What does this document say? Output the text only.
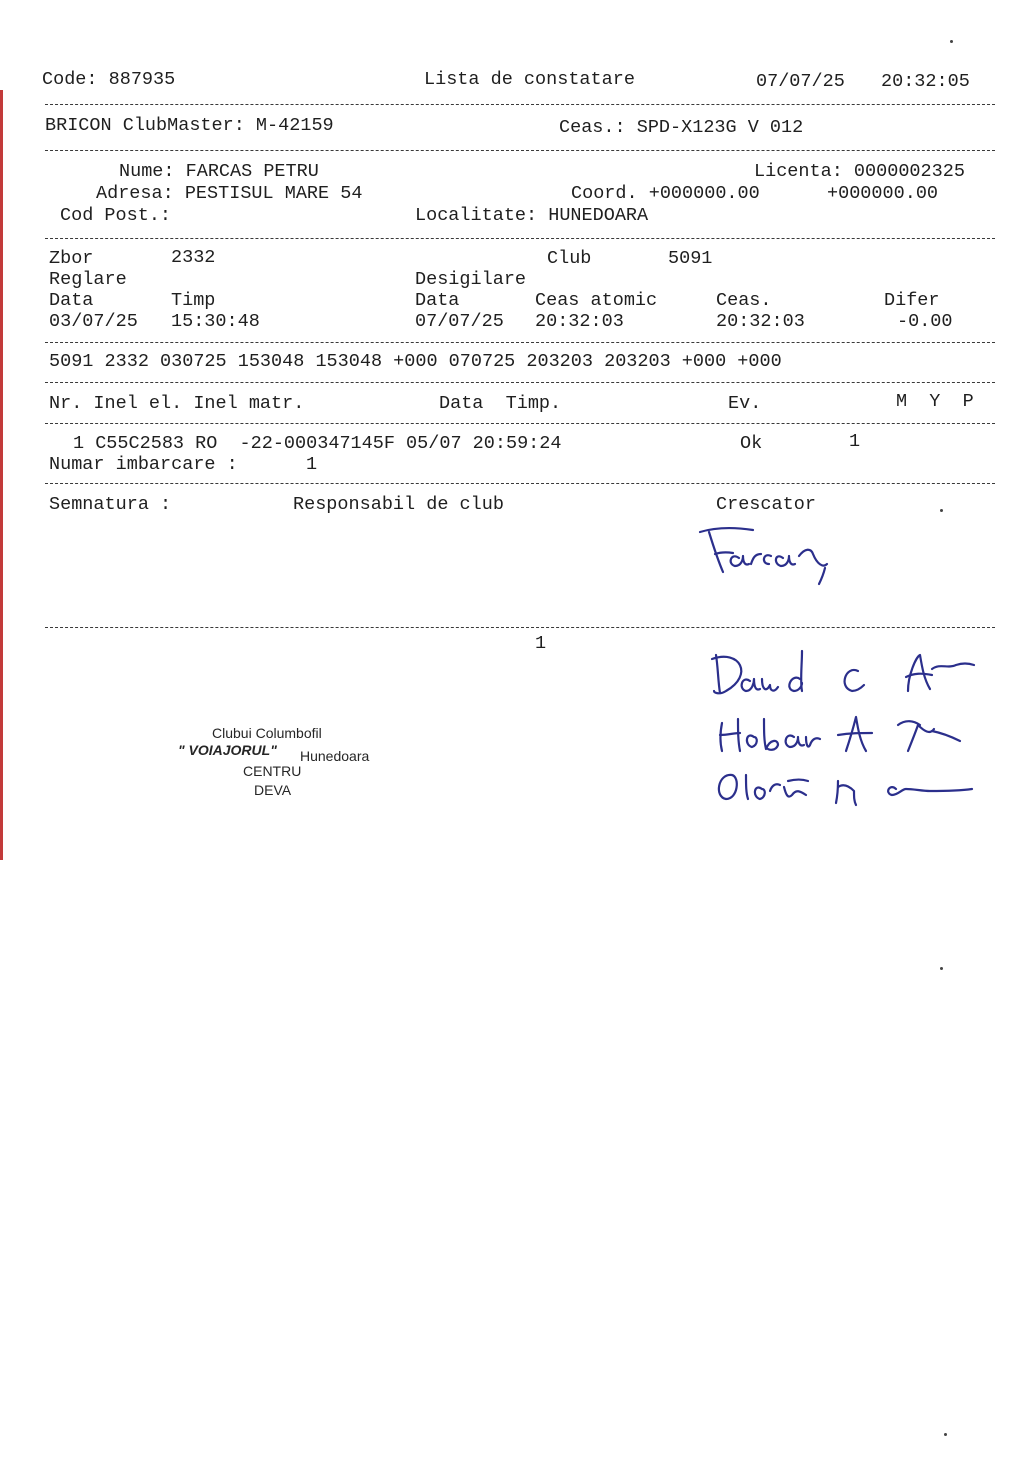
Code: 887935	Lista de constatare	07/07/25 20:32:05
BRICON ClubMaster: M-42159	Ceas.: SPD-X123G V 012
Nume: FARCAS PETRU	Licenta: 0000002325
Adresa: PESTISUL MARE 54	Coord. +000000.00	+000000.00
Cod Post.:	Localitate: HUNEDOARA
Zbor	2332	Club	5091
Reglare	Desigilare
Data	Timp	Data	Ceas atomic	Ceas.	Difer
03/07/25 15:30:48	07/07/25 20:32:03	20:32:03	-0.00
5091 2332 030725 153048 153048 +000 070725 203203 203203 +000 +000
Nr. Inel el. Inel matr.	Data  Timp.	Ev.	M  Y  P
1 C55C2583 RO  -22-000347145F 05/07 20:59:24	Ok	1
Numar imbarcare :	1
Semnatura :	Responsabil de club	Crescator
1
Clubui Columbofil
" VOIAJORUL" Hunedoara
CENTRU
DEVA
